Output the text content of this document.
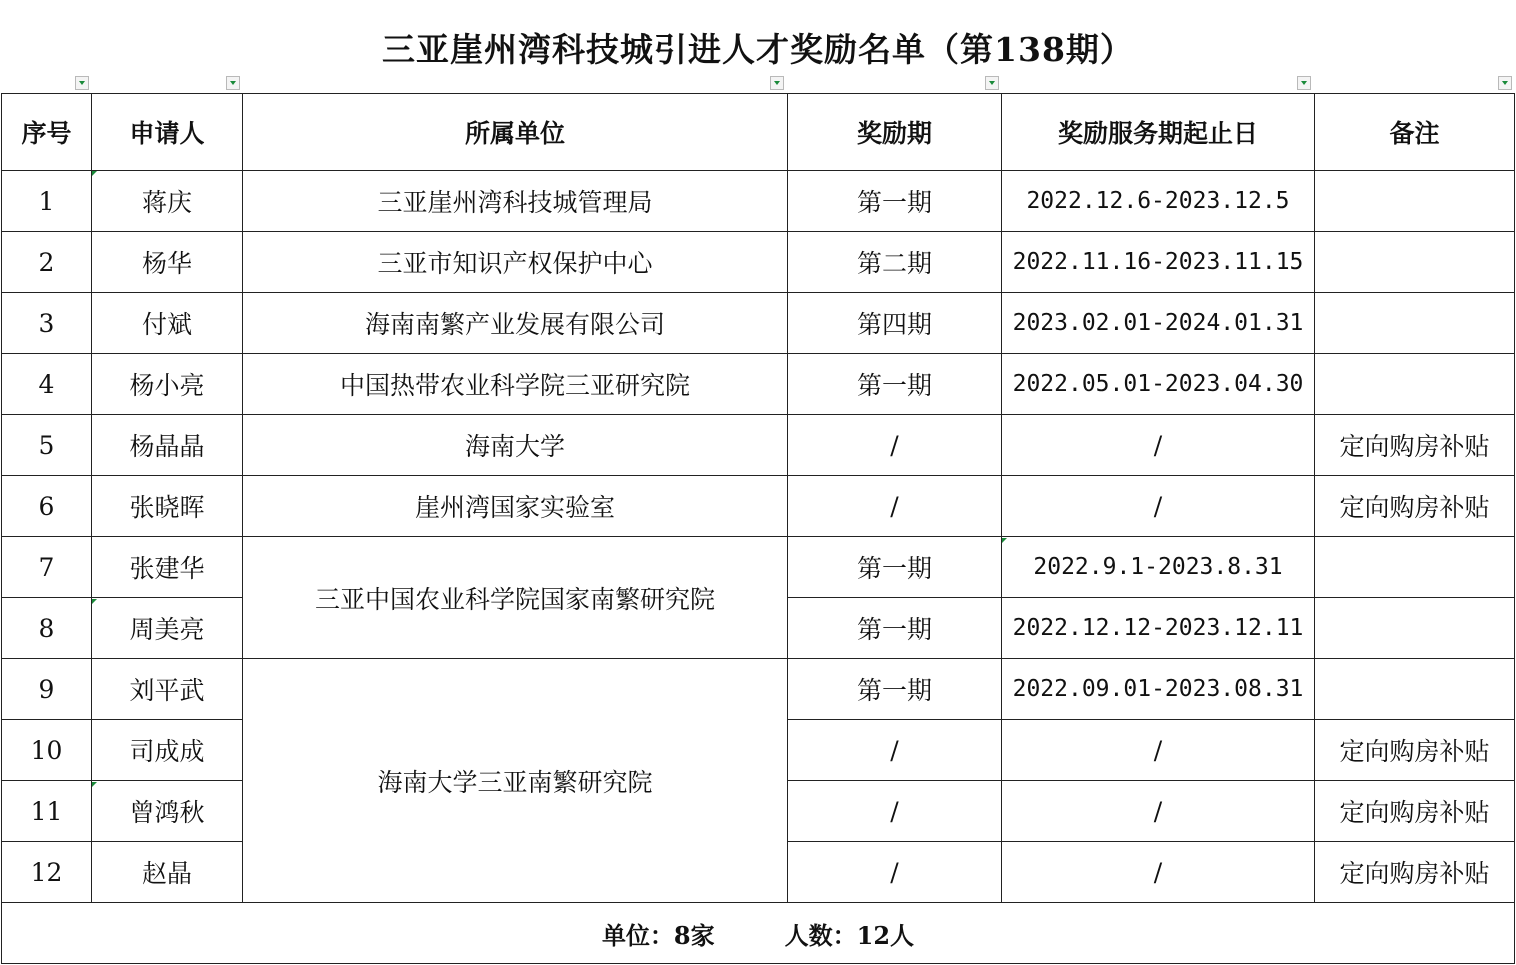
三亚崖州湾科技城引进人才奖励名单（第138期）
序号	申请人	所属单位	奖励期	奖励服务期起止日	备注
1	蒋庆	三亚崖州湾科技城管理局	第一期	2022.12.6-2023.12.5	
2	杨华	三亚市知识产权保护中心	第二期	2022.11.16-2023.11.15	
3	付斌	海南南繁产业发展有限公司	第四期	2023.02.01-2024.01.31	
4	杨小亮	中国热带农业科学院三亚研究院	第一期	2022.05.01-2023.04.30	
5	杨晶晶	海南大学	/	/	定向购房补贴
6	张晓晖	崖州湾国家实验室	/	/	定向购房补贴
7	张建华	三亚中国农业科学院国家南繁研究院	第一期	2022.9.1-2023.8.31	
8	周美亮		第一期	2022.12.12-2023.12.11	
9	刘平武	海南大学三亚南繁研究院	第一期	2022.09.01-2023.08.31	
10	司成成		/	/	定向购房补贴
11	曾鸿秋		/	/	定向购房补贴
12	赵晶		/	/	定向购房补贴
单位：8家 人数：12人					
